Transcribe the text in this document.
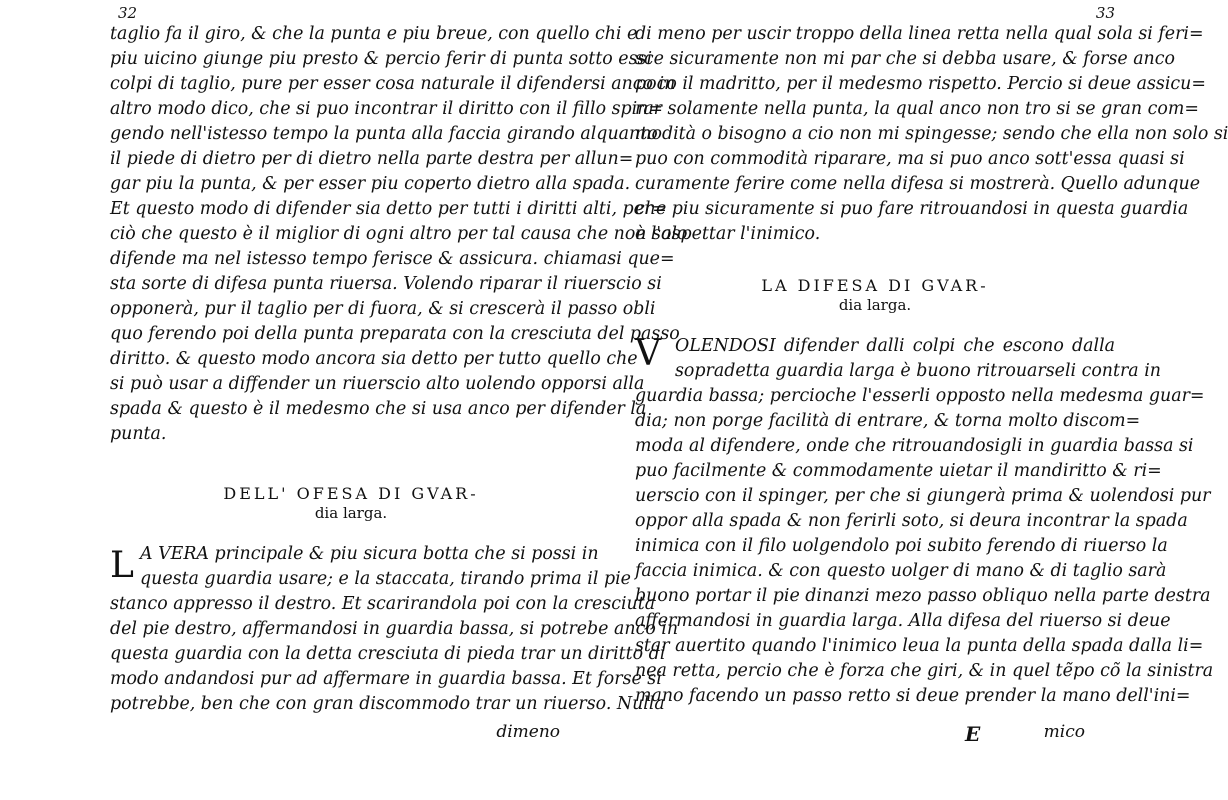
32
taglio fa il giro, & che la punta e piu breue, con quello chi e
piu uicino giunge piu presto & percio ferir di punta sotto essi
colpi di taglio, pure per esser cosa naturale il difendersi anco in
altro modo dico, che si puo incontrar il diritto con il fillo spin=
gendo nell'istesso tempo la punta alla faccia girando alquanto
il piede di dietro per di dietro nella parte destra per allun=
gar piu la punta, & per esser piu coperto dietro alla spada.
Et questo modo di difender sia detto per tutti i diritti alti, per=
ciò che questo è il miglior di ogni altro per tal causa che non solo
difende ma nel istesso tempo ferisce & assicura. chiamasi que=
sta sorte di difesa punta riuersa. Volendo riparar il riuerscio si
opponerà, pur il taglio per di fuora, & si crescerà il passo obli
quo ferendo poi della punta preparata con la cresciuta del passo
diritto. & questo modo ancora sia detto per tutto quello che
si può usar a diffender un riuerscio alto uolendo opporsi alla
spada & questo è il medesmo che si usa anco per difender la
punta.
DELL' OFESA DI GVAR-
dia larga.
L A VERA principale & piu sicura botta che si possi in
questa guardia usare; e la staccata, tirando prima il pie
stanco appresso il destro. Et scarirandola poi con la cresciuta
del pie destro, affermandosi in guardia bassa, si potrebe anco in
questa guardia con la detta cresciuta di pieda trar un diritto di
modo andandosi pur ad affermare in guardia bassa. Et forse si
potrebbe, ben che con gran discommodo trar un riuerso. Nulla
dimeno
33
di meno per uscir troppo della linea retta nella qual sola si feri=
sce sicuramente non mi par che si debba usare, & forse anco
poco il madritto, per il medesmo rispetto. Percio si deue assicu=
rar solamente nella punta, la qual anco non tro si se gran com=
modità o bisogno a cio non mi spingesse; sendo che ella non solo si
puo con commodità riparare, ma si puo anco sott'essa quasi si
curamente ferire come nella difesa si mostrerà. Quello adunque
che piu sicuramente si puo fare ritrouandosi in questa guardia
è l'aspettar l'inimico.
LA DIFESA DI GVAR-
dia larga.
V OLENDOSI difender dalli colpi che escono dalla
sopradetta guardia larga è buono ritrouarseli contra in
guardia bassa; percioche l'esserli opposto nella medesma guar=
dia; non porge facilità di entrare, & torna molto discom=
moda al difendere, onde che ritrouandosigli in guardia bassa si
puo facilmente & commodamente uietar il mandiritto & ri=
uerscio con il spinger, per che si giungerà prima & uolendosi pur
oppor alla spada & non ferirli soto, si deura incontrar la spada
inimica con il filo uolgendolo poi subito ferendo di riuerso la
faccia inimica. & con questo uolger di mano & di taglio sarà
buono portar il pie dinanzi mezo passo obliquo nella parte destra
affermandosi in guardia larga. Alla difesa del riuerso si deue
star auertito quando l'inimico leua la punta della spada dalla li=
nea retta, percio che è forza che giri, & in quel tẽpo cõ la sinistra
mano facendo un passo retto si deue prender la mano dell'ini=
E	mico
